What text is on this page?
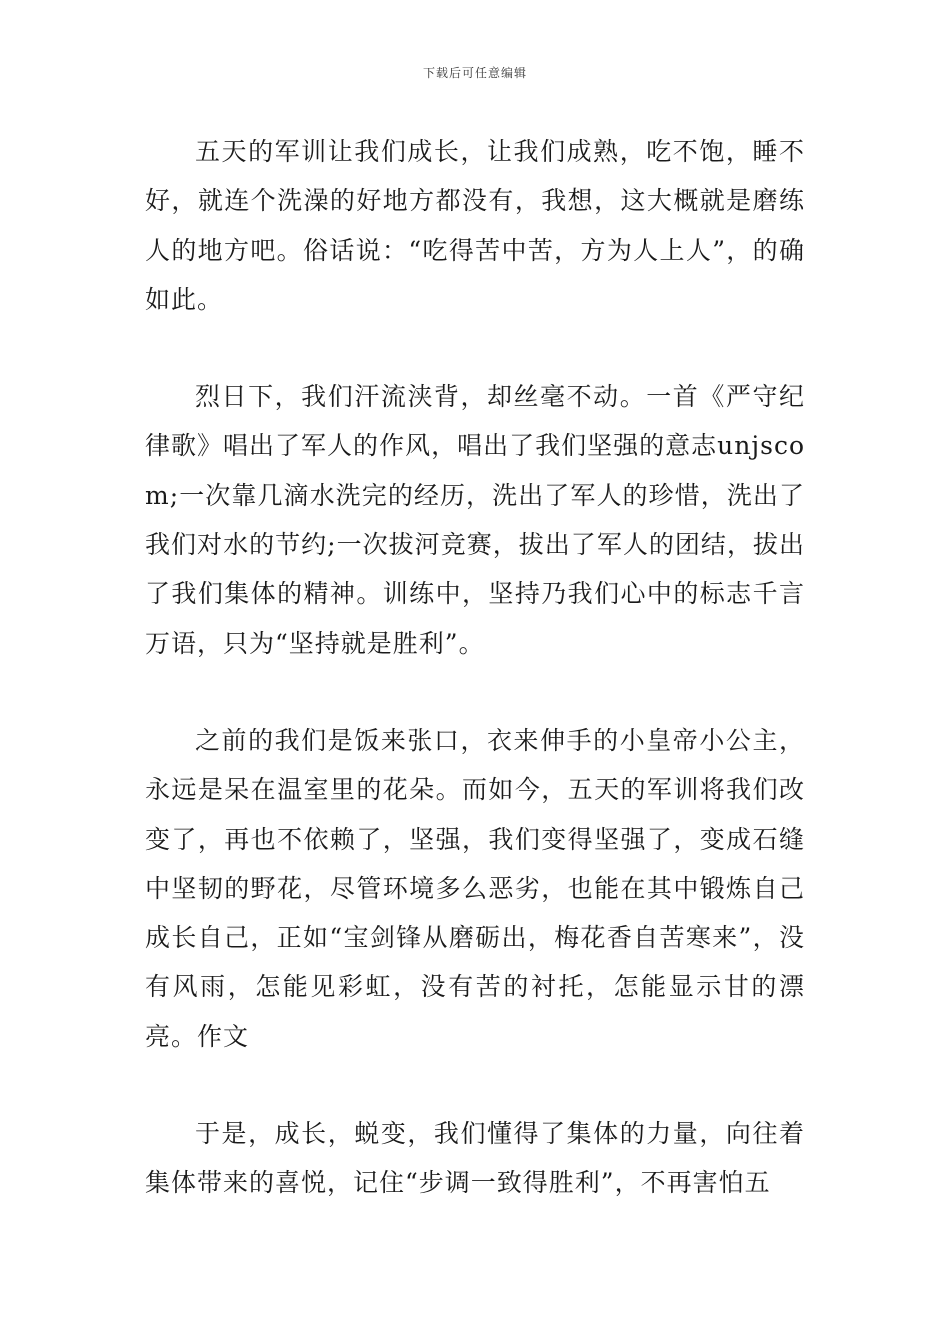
下载后可任意编辑

五天的军训让我们成长，让我们成熟，吃不饱，睡不好，就连个洗澡的好地方都没有，我想，这大概就是磨练人的地方吧。俗话说：“吃得苦中苦，方为人上人”，的确如此。

烈日下，我们汗流浃背，却丝毫不动。一首《严守纪律歌》唱出了军人的作风，唱出了我们坚强的意志unjscom;一次靠几滴水洗完的经历，洗出了军人的珍惜，洗出了我们对水的节约;一次拔河竞赛，拔出了军人的团结，拔出了我们集体的精神。训练中，坚持乃我们心中的标志千言万语，只为“坚持就是胜利”。

之前的我们是饭来张口，衣来伸手的小皇帝小公主，永远是呆在温室里的花朵。而如今，五天的军训将我们改变了，再也不依赖了，坚强，我们变得坚强了，变成石缝中坚韧的野花，尽管环境多么恶劣，也能在其中锻炼自己成长自己，正如“宝剑锋从磨砺出，梅花香自苦寒来”，没有风雨，怎能见彩虹，没有苦的衬托，怎能显示甘的漂亮。作文

于是，成长，蜕变，我们懂得了集体的力量，向往着集体带来的喜悦，记住“步调一致得胜利”，不再害怕五
